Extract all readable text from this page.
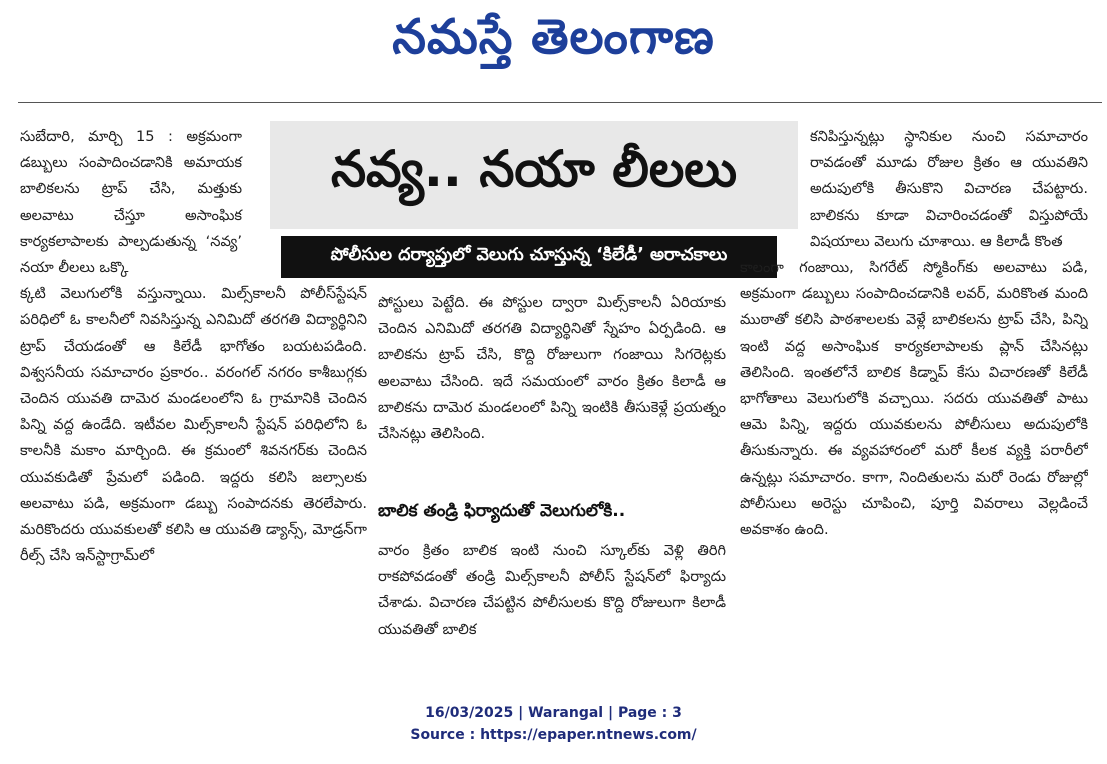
నమస్తే తెలంగాణ

సుబేదారి, మార్చి 15 : అక్రమంగా డబ్బులు సంపాదించడానికి అమాయక బాలికలను ట్రాప్ చేసి, మత్తుకు అలవాటు చేస్తూ అసాంఘిక కార్యకలాపాలకు పాల్పడుతున్న ‘నవ్య’ నయా లీలలు ఒక్కొ

క్కటి వెలుగులోకి వస్తున్నాయి. మిల్స్‌కాలనీ పోలీస్‌స్టేషన్ పరిధిలో ఓ కాలనీలో నివసిస్తున్న ఎనిమిదో తరగతి విద్యార్థినిని ట్రాప్ చేయడంతో ఆ కిలేడీ భాగోతం బయటపడింది. విశ్వసనీయ సమాచారం ప్రకారం.. వరంగల్ నగరం కాశీబుగ్గకు చెందిన యువతి దామెర మండలంలోని ఓ గ్రామానికి చెందిన పిన్ని వద్ద ఉండేది. ఇటీవల మిల్స్‌కాలనీ స్టేషన్ పరిధిలోని ఓ కాలనీకి మకాం మార్చింది. ఈ క్రమంలో శివనగర్‌కు చెందిన యువకుడితో ప్రేమలో పడింది. ఇద్దరు కలిసి జల్సాలకు అలవాటు పడి, అక్రమంగా డబ్బు సంపాదనకు తెరలేపారు. మరికొందరు యువకులతో కలిసి ఆ యువతి డ్యాన్స్, మోడ్రన్‌గా రీల్స్ చేసి ఇన్‌స్టాగ్రామ్‌లో

నవ్య.. నయా లీలలు
పోలీసుల దర్యాప్తులో వెలుగు చూస్తున్న ‘కిలేడీ’ అరాచకాలు

పోస్టులు పెట్టేది. ఈ పోస్టుల ద్వారా మిల్స్‌కాలనీ ఏరియాకు చెందిన ఎనిమిదో తరగతి విద్యార్థినితో స్నేహం ఏర్పడింది. ఆ బాలికను ట్రాప్ చేసి, కొద్ది రోజులుగా గంజాయి సిగరెట్లకు అలవాటు చేసింది. ఇదే సమయంలో వారం క్రితం కిలాడీ ఆ బాలికను దామెర మండలంలో పిన్ని ఇంటికి తీసుకెళ్లే ప్రయత్నం చేసినట్లు తెలిసింది.

బాలిక తండ్రి ఫిర్యాదుతో వెలుగులోకి..

వారం క్రితం బాలిక ఇంటి నుంచి స్కూల్‌కు వెళ్లి తిరిగి రాకపోవడంతో తండ్రి మిల్స్‌కాలనీ పోలీస్ స్టేషన్‌లో ఫిర్యాదు చేశాడు. విచారణ చేపట్టిన పోలీసులకు కొద్ది రోజులుగా కిలాడీ యువతితో బాలిక

కనిపిస్తున్నట్లు స్థానికుల నుంచి సమాచారం రావడంతో మూడు రోజుల క్రితం ఆ యువతిని అదుపులోకి తీసుకొని విచారణ చేపట్టారు. బాలికను కూడా విచారించడంతో విస్తుపోయే విషయాలు వెలుగు చూశాయి. ఆ కిలాడీ కొంత

కాలంగా గంజాయి, సిగరేట్ స్మోకింగ్‌కు అలవాటు పడి, అక్రమంగా డబ్బులు సంపాదించడానికి లవర్, మరికొంత మంది ముఠాతో కలిసి పాఠశాలలకు వెళ్లే బాలికలను ట్రాప్ చేసి, పిన్ని ఇంటి వద్ద అసాంఘిక కార్యకలాపాలకు ప్లాన్ చేసినట్లు తెలిసింది. ఇంతలోనే బాలిక కిడ్నాప్ కేసు విచారణతో కిలేడీ భాగోతాలు వెలుగులోకి వచ్చాయి. సదరు యువతితో పాటు ఆమె పిన్ని, ఇద్దరు యువకులను పోలీసులు అదుపులోకి తీసుకున్నారు. ఈ వ్యవహారంలో మరో కీలక వ్యక్తి పరారీలో ఉన్నట్లు సమాచారం. కాగా, నిందితులను మరో రెండు రోజుల్లో పోలీసులు అరెస్టు చూపించి, పూర్తి వివరాలు వెల్లడించే అవకాశం ఉంది.

16/03/2025 | Warangal | Page : 3
Source : https://epaper.ntnews.com/
